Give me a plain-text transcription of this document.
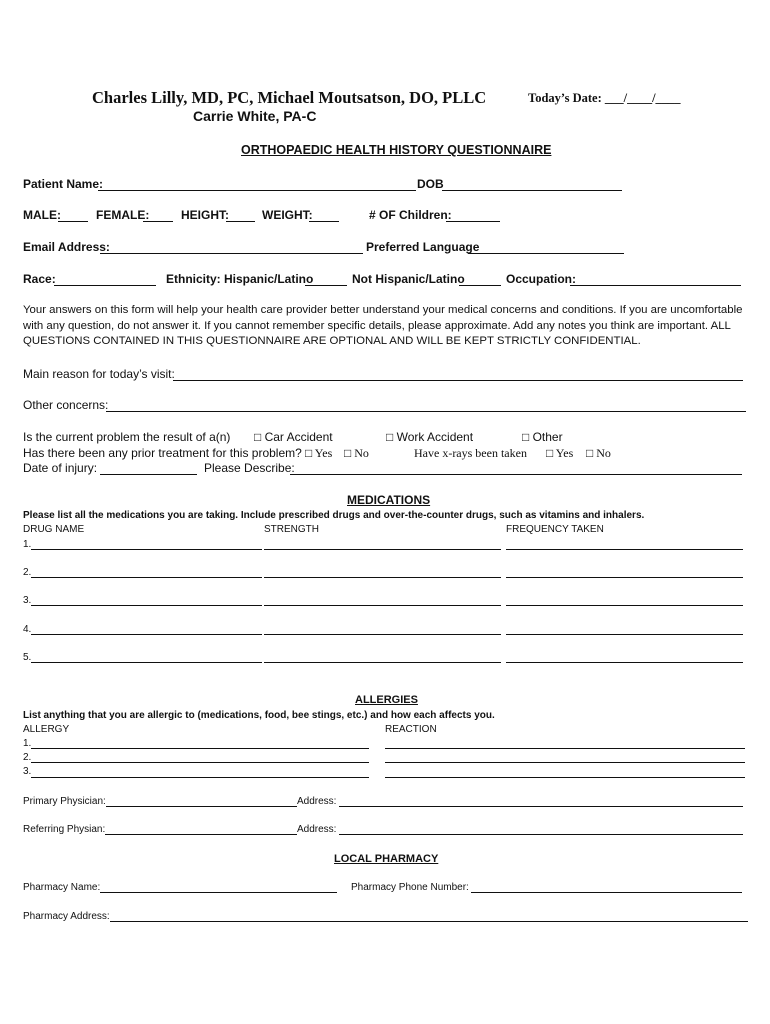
Charles Lilly, MD, PC, Michael Moutsatson, DO, PLLC	Today’s Date: ___/____/____
Carrie White, PA-C
ORTHOPAEDIC HEALTH HISTORY QUESTIONNAIRE
Patient Name:	DOB
MALE:	FEMALE:	HEIGHT:	WEIGHT:	# OF Children:
Email Address:	Preferred Language
Race:	Ethnicity: Hispanic/Latino	Not Hispanic/Latino	Occupation:
Your answers on this form will help your health care provider better understand your medical concerns and conditions. If you are uncomfortable with any question, do not answer it. If you cannot remember specific details, please approximate. Add any notes you think are important. ALL QUESTIONS CONTAINED IN THIS QUESTIONNAIRE ARE OPTIONAL AND WILL BE KEPT STRICTLY CONFIDENTIAL.
Main reason for today’s visit:
Other concerns:
Is the current problem the result of a(n) □ Car Accident	□ Work Accident	□ Other
Has there been any prior treatment for this problem? □ Yes □ No	Have x-rays been taken □ Yes □ No
Date of injury:	Please Describe:
MEDICATIONS
Please list all the medications you are taking. Include prescribed drugs and over-the-counter drugs, such as vitamins and inhalers.
DRUG NAME	STRENGTH	FREQUENCY TAKEN
1.
2.
3.
4.
5.
ALLERGIES
List anything that you are allergic to (medications, food, bee stings, etc.) and how each affects you.
ALLERGY	REACTION
1.
2.
3.
Primary Physician:	Address:
Referring Physian:	Address:
LOCAL PHARMACY
Pharmacy Name:	Pharmacy Phone Number:
Pharmacy Address:
